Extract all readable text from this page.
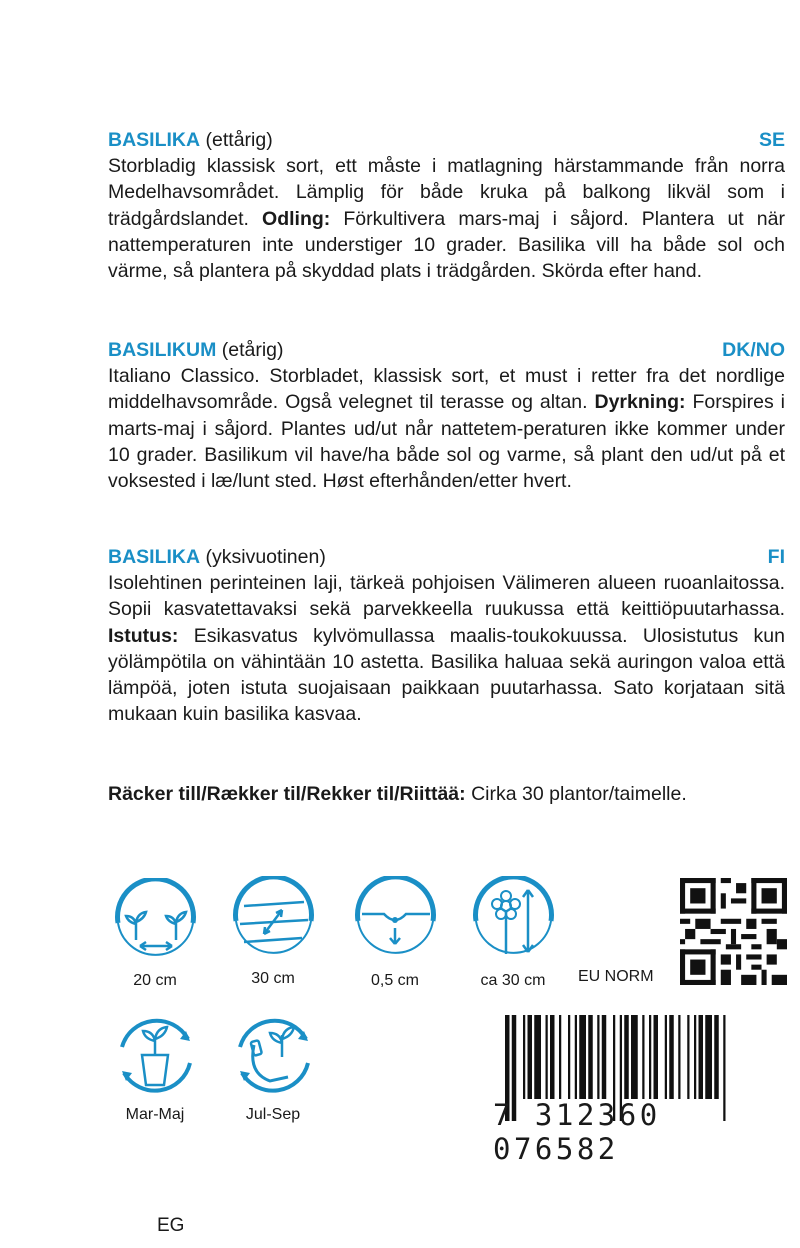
BASILIKA (ettårig)	SE
Storbladig klassisk sort, ett måste i matlagning härstammande från norra Medelhavsområdet. Lämplig för både kruka på balkong likväl som i trädgårdslandet. Odling: Förkultivera mars-maj i såjord. Plantera ut när nattemperaturen inte understiger 10 grader. Basilika vill ha både sol och värme, så plantera på skyddad plats i trädgården. Skörda efter hand.
BASILIKUM (etårig)	DK/NO
Italiano Classico. Storbladet, klassisk sort, et must i retter fra det nordlige middelhavsområde. Også velegnet til terasse og altan. Dyrkning: Forspires i marts-maj i såjord. Plantes ud/ut når nattetem-peraturen ikke kommer under 10 grader. Basilikum vil have/ha både sol og varme, så plant den ud/ut på et voksested i læ/lunt sted. Høst efterhånden/etter hvert.
BASILIKA (yksivuotinen)	FI
Isolehtinen perinteinen laji, tärkeä pohjoisen Välimeren alueen ruoanlaitossa. Sopii kasvatettavaksi sekä parvekkeella ruukussa että keittiöpuutarhassa. Istutus: Esikasvatus kylvömullassa maalis-toukokuussa. Ulosistutus kun yölämpötila on vähintään 10 astetta. Basilika haluaa sekä auringon valoa että lämpöä, joten istuta suojaisaan paikkaan puutarhassa. Sato korjataan sitä mukaan kuin basilika kasvaa.
Räcker till/Rækker til/Rekker til/Riittää: Cirka 30 plantor/taimelle.
20 cm	30 cm	0,5 cm	ca 30 cm	EU NORM
Mar-Maj	Jul-Sep	7 312360 076582
EG
